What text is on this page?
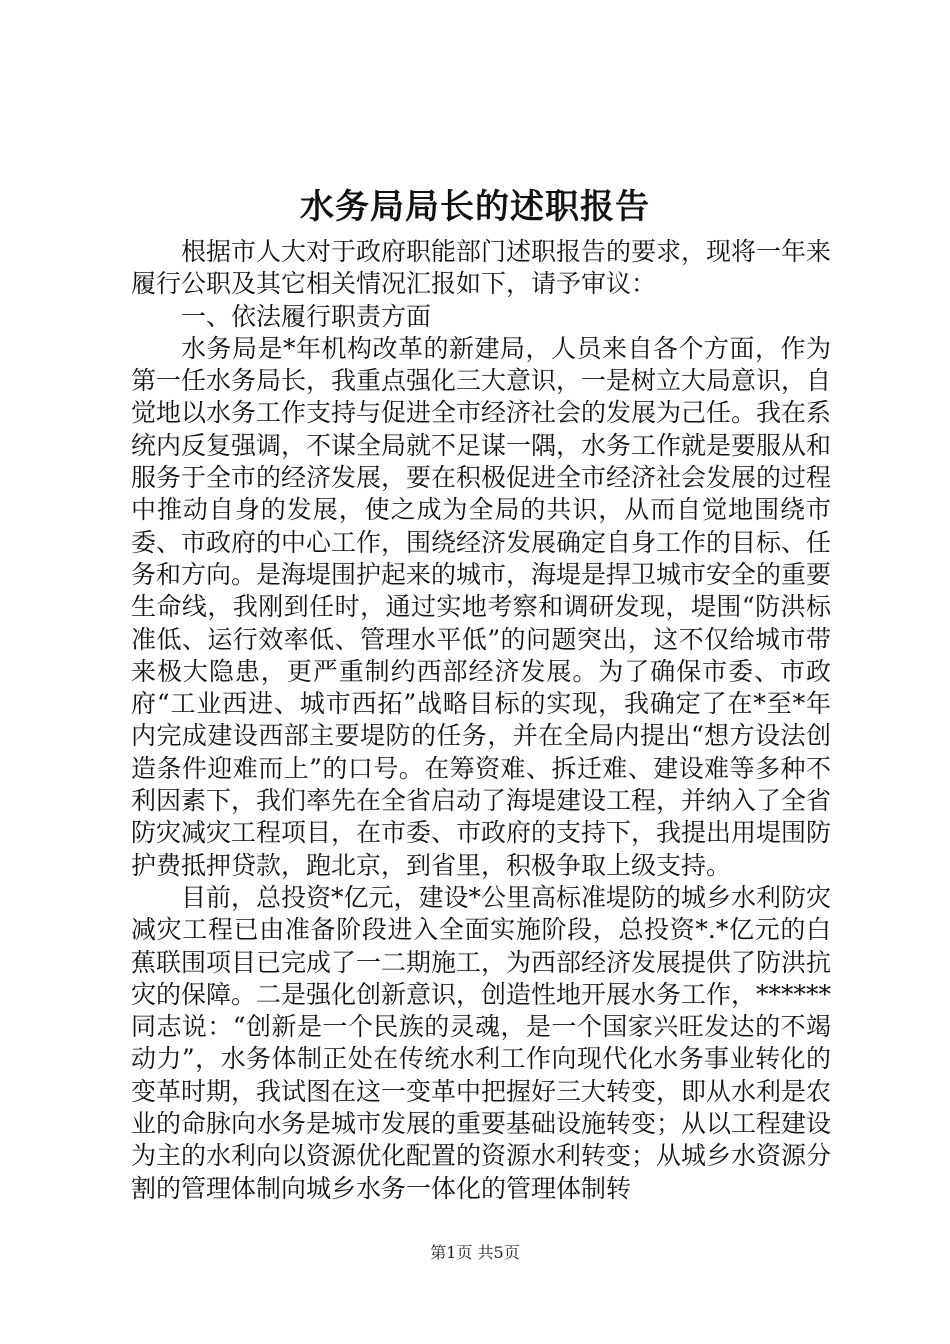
水务局局长的述职报告

根据市人大对于政府职能部门述职报告的要求，现将一年来履行公职及其它相关情况汇报如下，请予审议：

一、依法履行职责方面

水务局是*年机构改革的新建局，人员来自各个方面，作为第一任水务局长，我重点强化三大意识，一是树立大局意识，自觉地以水务工作支持与促进全市经济社会的发展为己任。我在系统内反复强调，不谋全局就不足谋一隅，水务工作就是要服从和服务于全市的经济发展，要在积极促进全市经济社会发展的过程中推动自身的发展，使之成为全局的共识，从而自觉地围绕市委、市政府的中心工作，围绕经济发展确定自身工作的目标、任务和方向。是海堤围护起来的城市，海堤是捍卫城市安全的重要生命线，我刚到任时，通过实地考察和调研发现，堤围“防洪标准低、运行效率低、管理水平低”的问题突出，这不仅给城市带来极大隐患，更严重制约西部经济发展。为了确保市委、市政府“工业西进、城市西拓”战略目标的实现，我确定了在*至*年内完成建设西部主要堤防的任务，并在全局内提出“想方设法创造条件迎难而上”的口号。在筹资难、拆迁难、建设难等多种不利因素下，我们率先在全省启动了海堤建设工程，并纳入了全省防灾减灾工程项目，在市委、市政府的支持下，我提出用堤围防护费抵押贷款，跑北京，到省里，积极争取上级支持。

目前，总投资*亿元，建设*公里高标准堤防的城乡水利防灾减灾工程已由准备阶段进入全面实施阶段，总投资*.*亿元的白蕉联围项目已完成了一二期施工，为西部经济发展提供了防洪抗灾的保障。二是强化创新意识，创造性地开展水务工作，******同志说：“创新是一个民族的灵魂，是一个国家兴旺发达的不竭动力”，水务体制正处在传统水利工作向现代化水务事业转化的变革时期，我试图在这一变革中把握好三大转变，即从水利是农业的命脉向水务是城市发展的重要基础设施转变；从以工程建设为主的水利向以资源优化配置的资源水利转变；从城乡水资源分割的管理体制向城乡水务一体化的管理体制转

第1页 共5页
